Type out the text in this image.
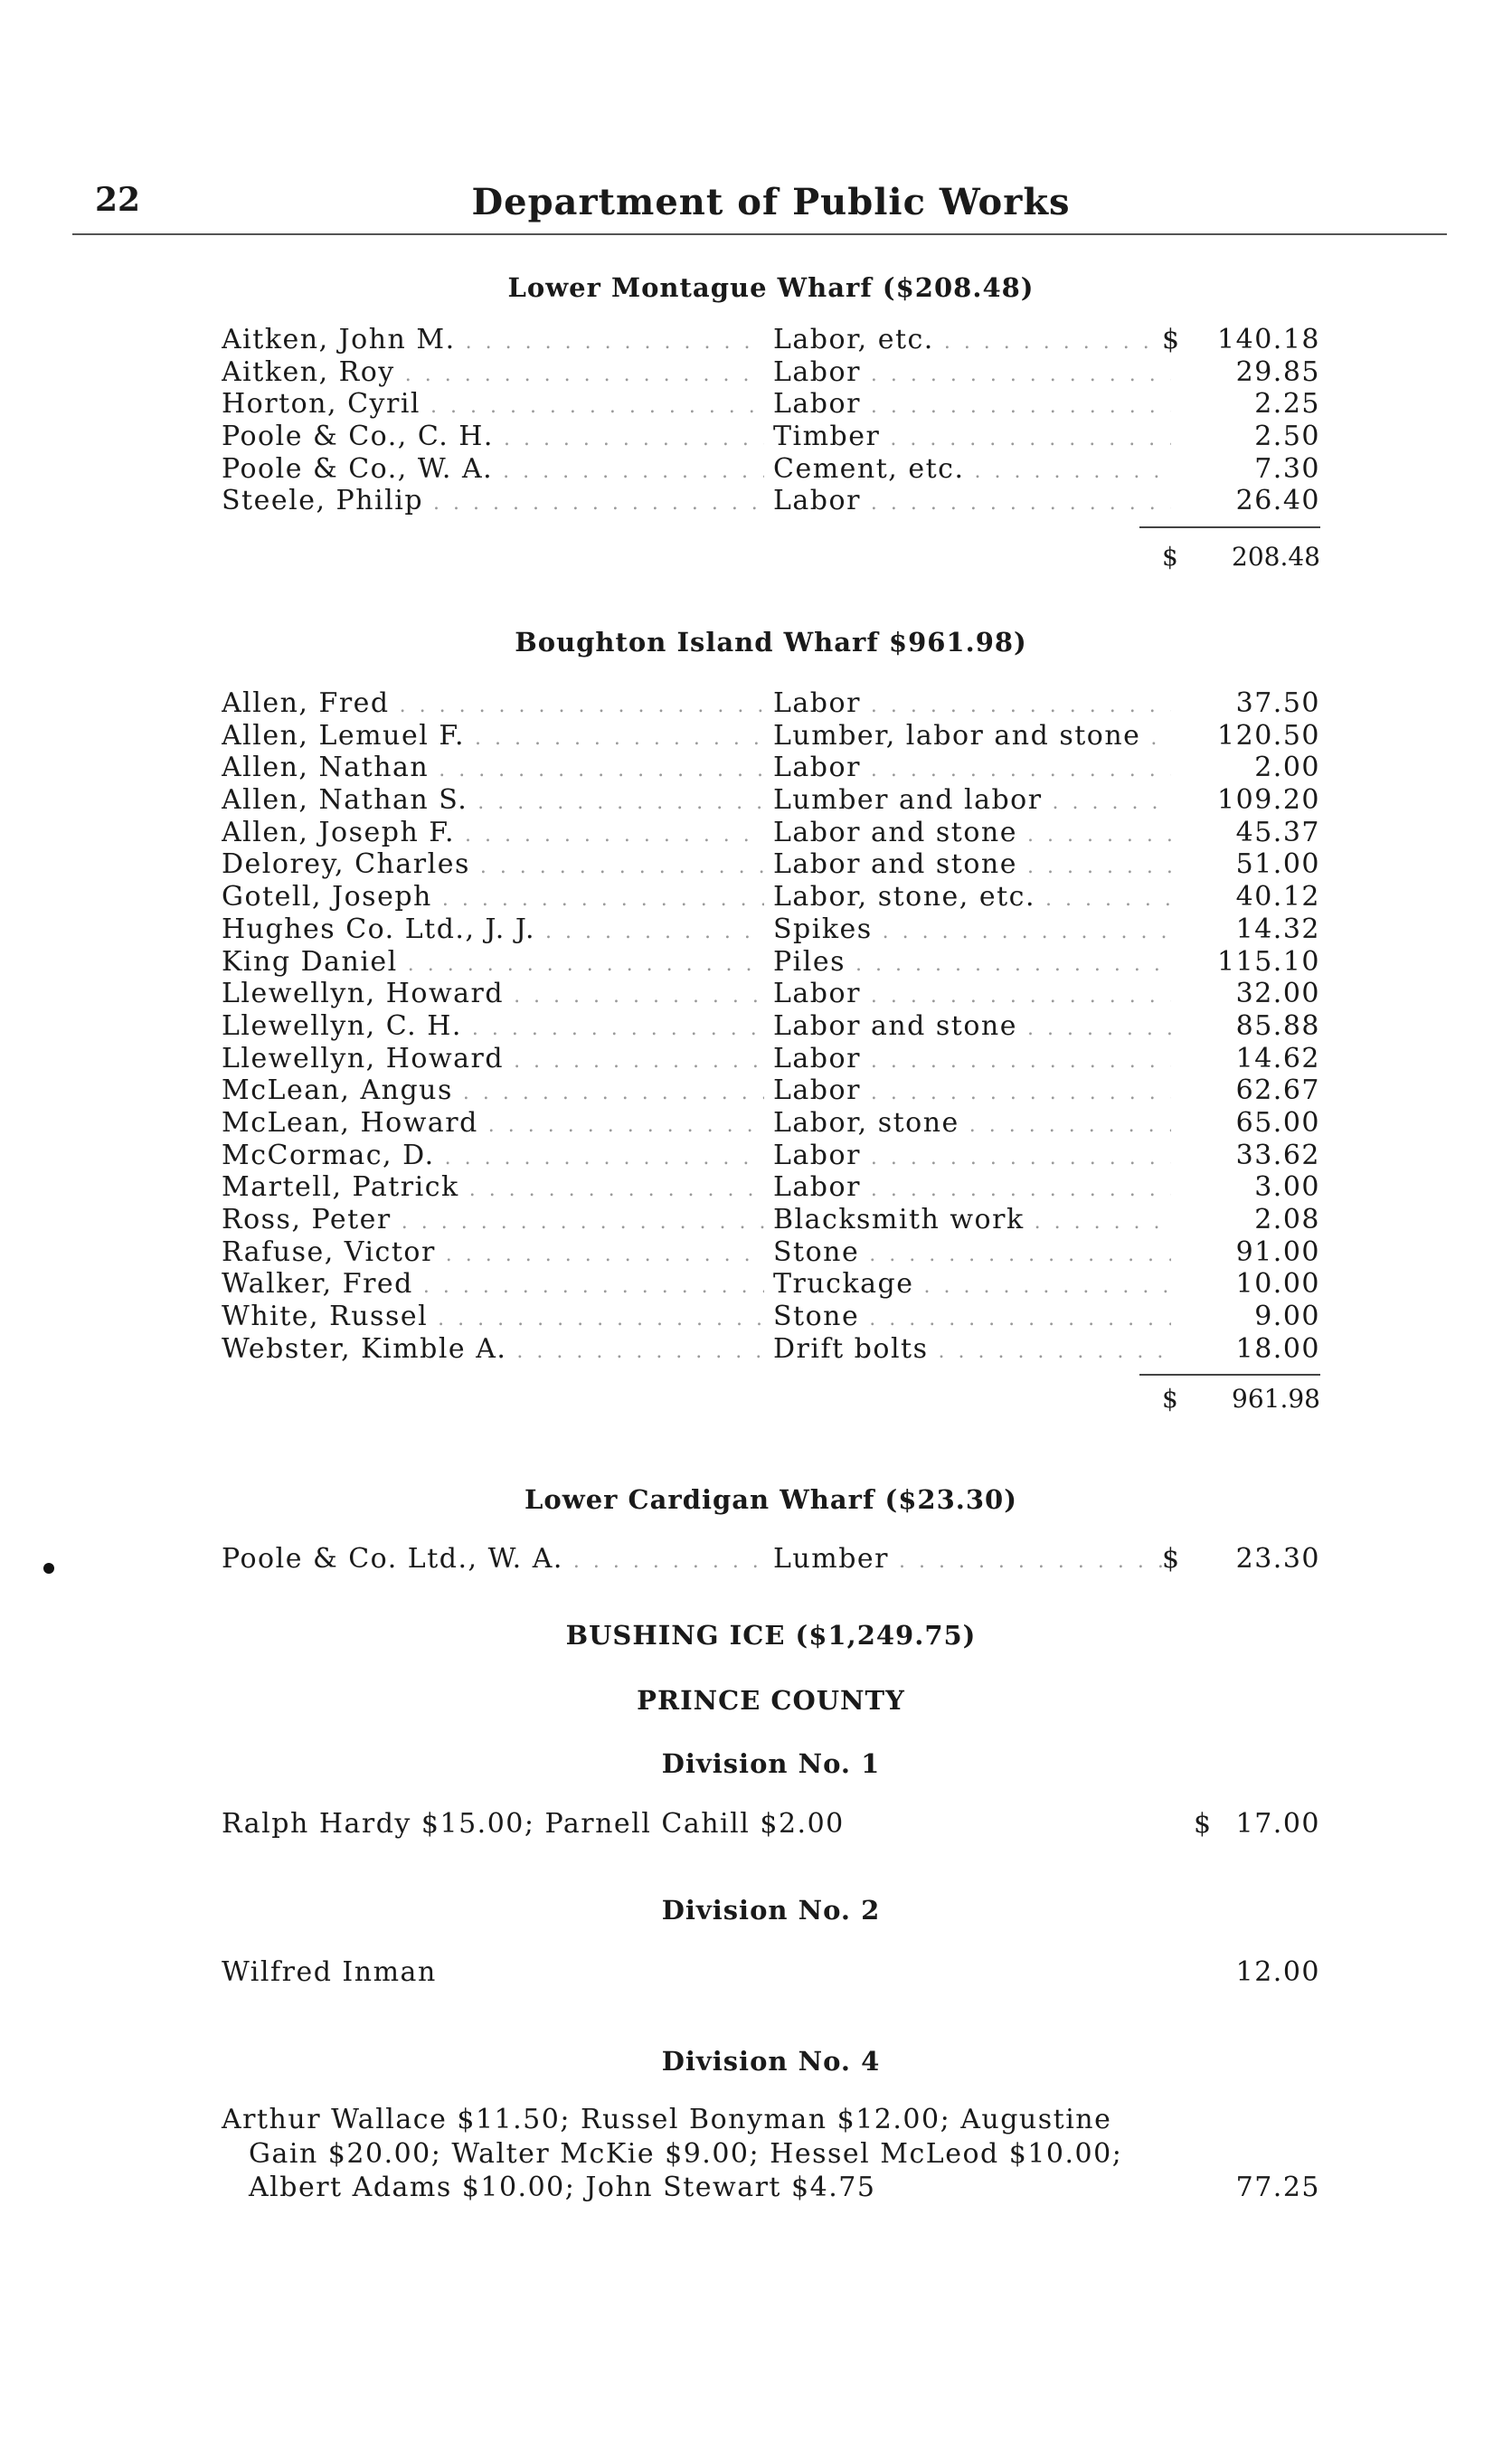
22	Department of Public Works
Lower Montague Wharf ($208.48)
Aitken, John M. . . .	Labor, etc. . . .	$ 140.18
Aitken, Roy . . .	Labor . . .	29.85
Horton, Cyril . . .	Labor . . .	2.25
Poole & Co., C. H. . . .	Timber . . .	2.50
Poole & Co., W. A. . . .	Cement, etc. . . .	7.30
Steele, Philip . . .	Labor . . .	26.40
$	208.48
Boughton Island Wharf $961.98)
Allen, Fred . . .	Labor . . .	37.50
Allen, Lemuel F. . . .	Lumber, labor and stone . . .	120.50
Allen, Nathan . . .	Labor . . .	2.00
Allen, Nathan S. . . .	Lumber and labor . . .	109.20
Allen, Joseph F. . . .	Labor and stone . . .	45.37
Delorey, Charles . . .	Labor and stone . . .	51.00
Gotell, Joseph . . .	Labor, stone, etc. . . .	40.12
Hughes Co. Ltd., J. J. . . .	Spikes . . .	14.32
King Daniel . . .	Piles . . .	115.10
Llewellyn, Howard . . .	Labor . . .	32.00
Llewellyn, C. H. . . .	Labor and stone . . .	85.88
Llewellyn, Howard . . .	Labor . . .	14.62
McLean, Angus . . .	Labor . . .	62.67
McLean, Howard . . .	Labor, stone . . .	65.00
McCormac, D. . . .	Labor . . .	33.62
Martell, Patrick . . .	Labor . . .	3.00
Ross, Peter . . .	Blacksmith work . . .	2.08
Rafuse, Victor . . .	Stone . . .	91.00
Walker, Fred . . .	Truckage . . .	10.00
White, Russel . . .	Stone . . .	9.00
Webster, Kimble A. . . .	Drift bolts . . .	18.00
$	961.98
Lower Cardigan Wharf ($23.30)
Poole & Co. Ltd., W. A. . . .	Lumber . . .	$	23.30
BUSHING ICE ($1,249.75)
PRINCE COUNTY
Division No. 1
Ralph Hardy $15.00; Parnell Cahill $2.00	$ 17.00
Division No. 2
Wilfred Inman	12.00
Division No. 4
Arthur Wallace $11.50; Russel Bonyman $12.00; Augustine
Gain $20.00; Walter McKie $9.00; Hessel McLeod $10.00;
Albert Adams $10.00; John Stewart $4.75	77.25
